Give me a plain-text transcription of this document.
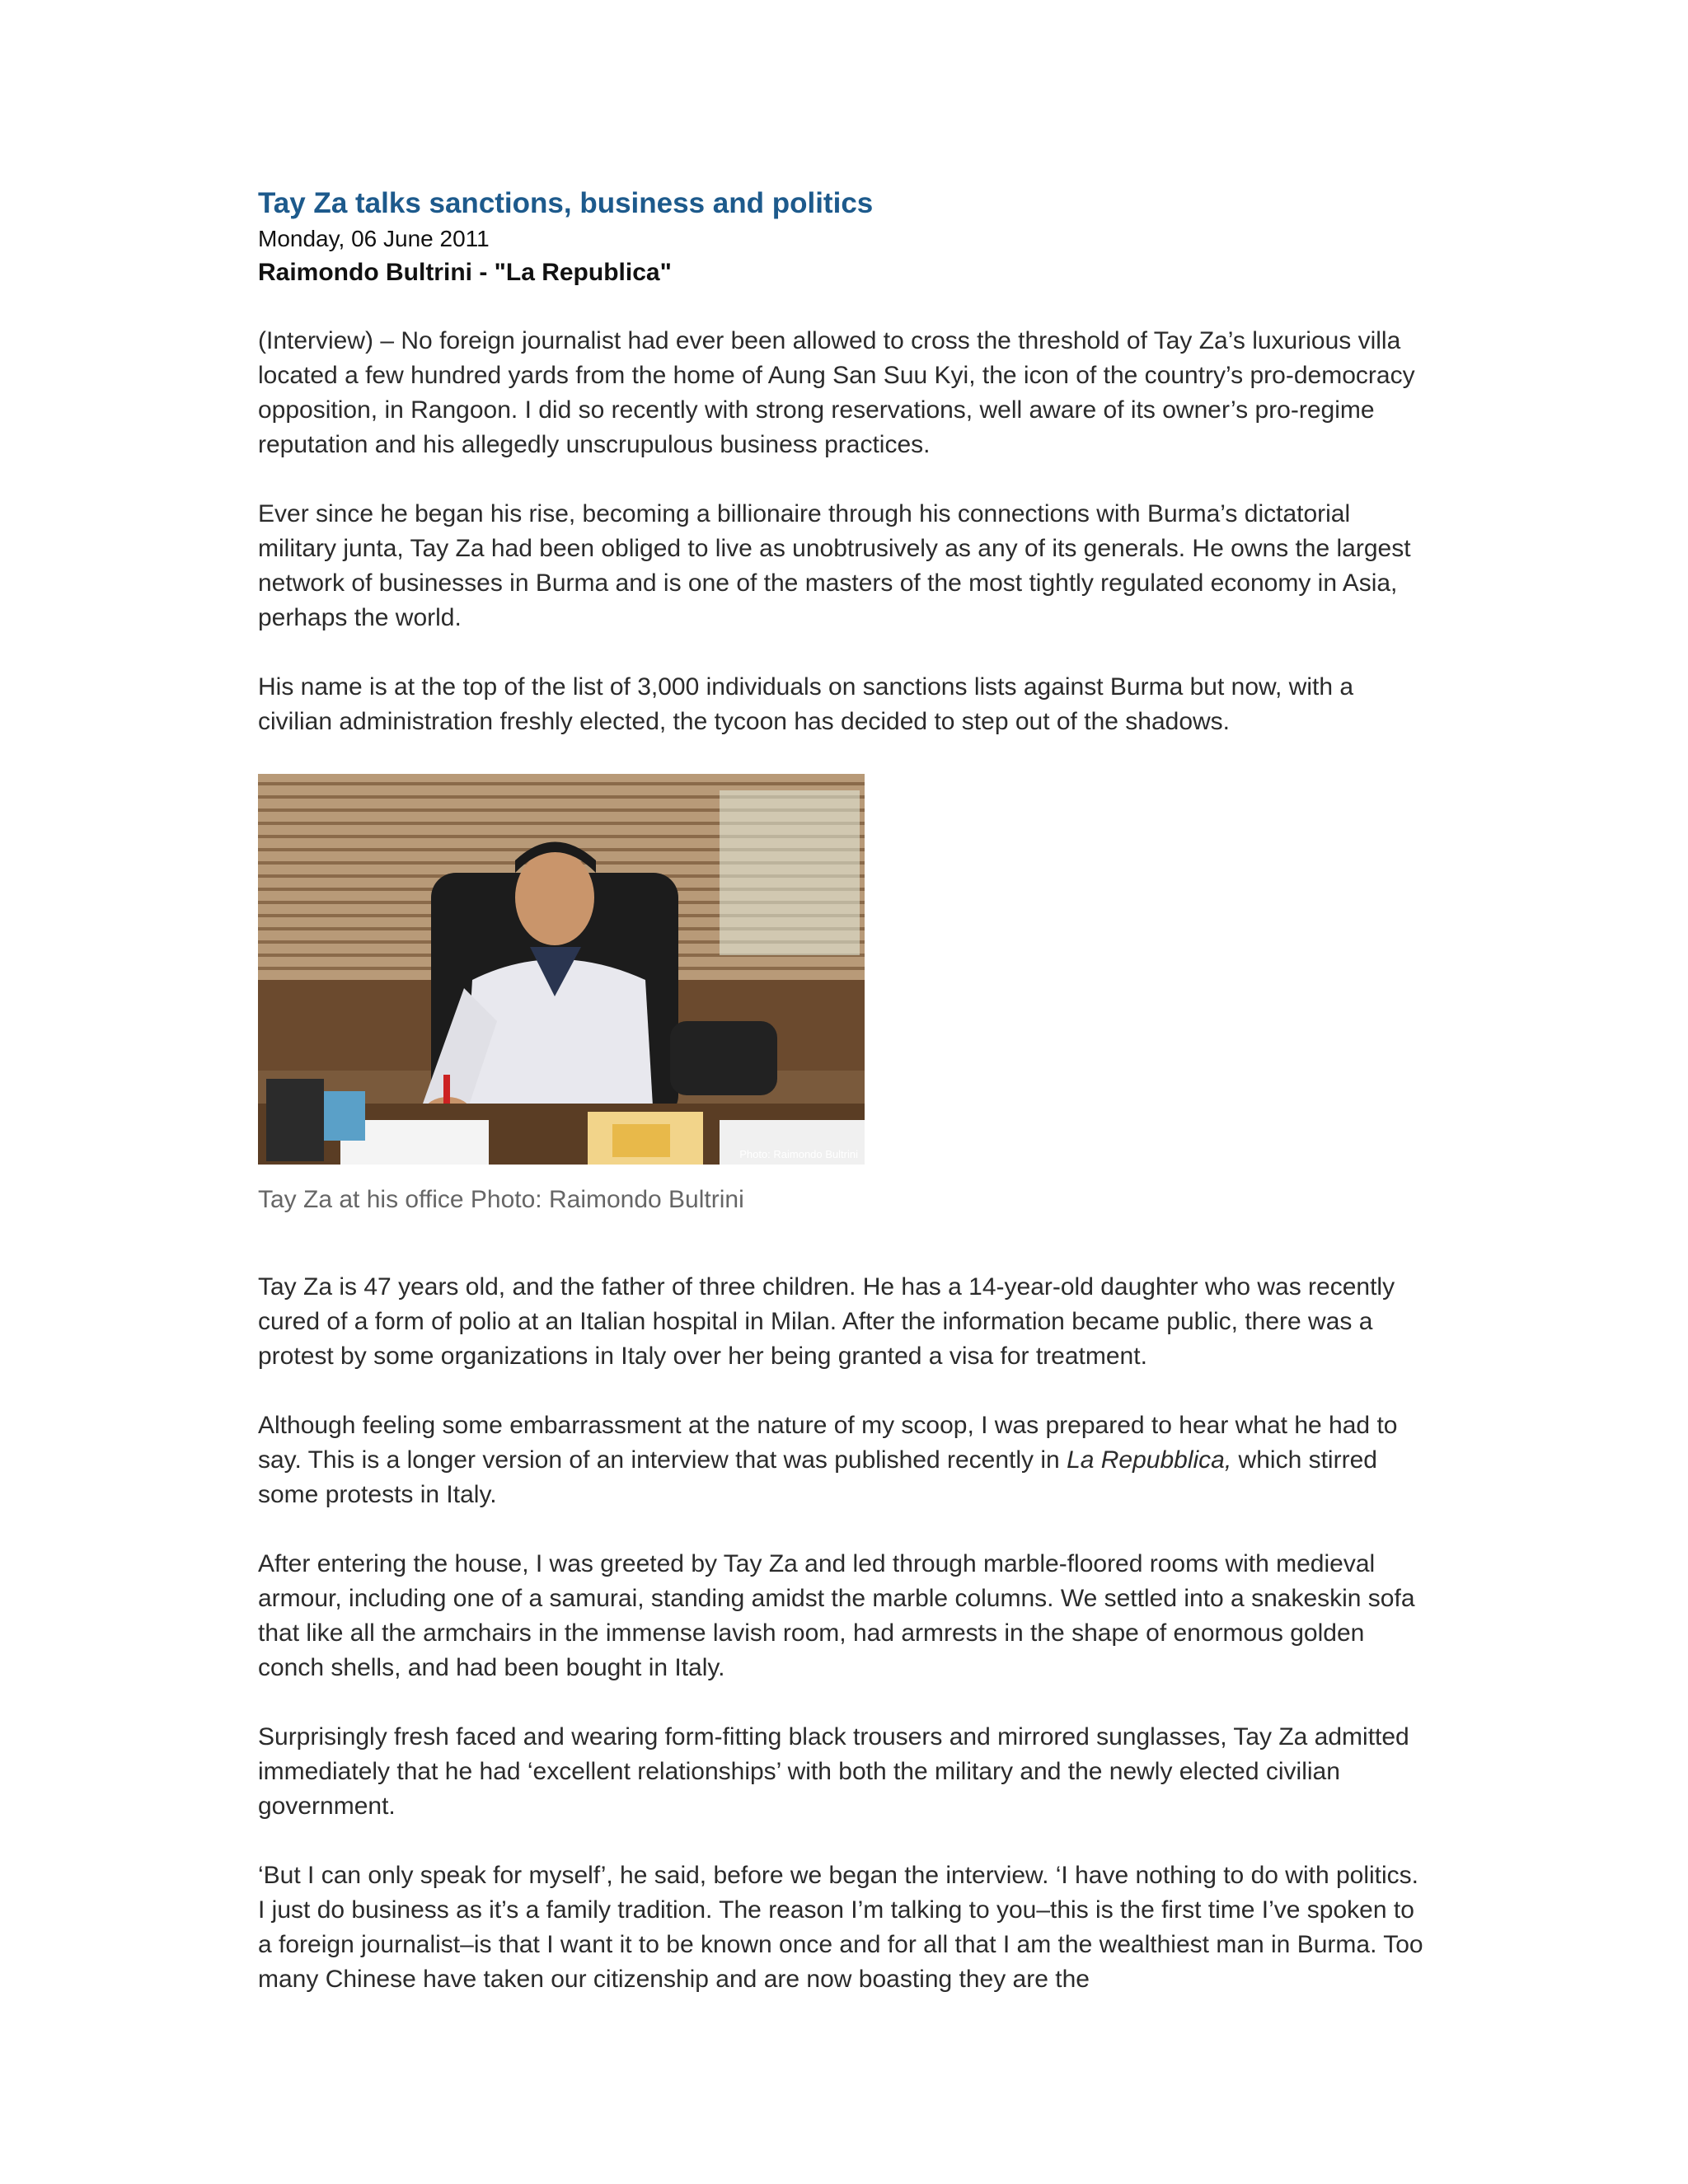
Tay Za talks sanctions, business and politics
Monday, 06 June 2011
Raimondo Bultrini - "La Republica"

(Interview) – No foreign journalist had ever been allowed to cross the threshold of Tay Za’s luxurious villa located a few hundred yards from the home of Aung San Suu Kyi, the icon of the country’s pro-democracy opposition, in Rangoon. I did so recently with strong reservations, well aware of its owner’s pro-regime reputation and his allegedly unscrupulous business practices.

Ever since he began his rise, becoming a billionaire through his connections with Burma’s dictatorial military junta, Tay Za had been obliged to live as unobtrusively as any of its generals. He owns the largest network of businesses in Burma and is one of the masters of the most tightly regulated economy in Asia, perhaps the world.

His name is at the top of the list of 3,000 individuals on sanctions lists against Burma but now, with a civilian administration freshly elected, the tycoon has decided to step out of the shadows.

Photo: Raimondo Bultrini
Tay Za at his office Photo: Raimondo Bultrini

Tay Za is 47 years old, and the father of three children. He has a 14-year-old daughter who was recently cured of a form of polio at an Italian hospital in Milan. After the information became public, there was a protest by some organizations in Italy over her being granted a visa for treatment.

Although feeling some embarrassment at the nature of my scoop, I was prepared to hear what he had to say. This is a longer version of an interview that was published recently in La Repubblica, which stirred some protests in Italy.

After entering the house, I was greeted by Tay Za and led through marble-floored rooms with medieval armour, including one of a samurai, standing amidst the marble columns. We settled into a snakeskin sofa that like all the armchairs in the immense lavish room, had armrests in the shape of enormous golden conch shells, and had been bought in Italy.

Surprisingly fresh faced and wearing form-fitting black trousers and mirrored sunglasses, Tay Za admitted immediately that he had ‘excellent relationships’ with both the military and the newly elected civilian government.

‘But I can only speak for myself’, he said, before we began the interview. ‘I have nothing to do with politics. I just do business as it’s a family tradition. The reason I’m talking to you–this is the first time I’ve spoken to a foreign journalist–is that I want it to be known once and for all that I am the wealthiest man in Burma. Too many Chinese have taken our citizenship and are now boasting they are the
